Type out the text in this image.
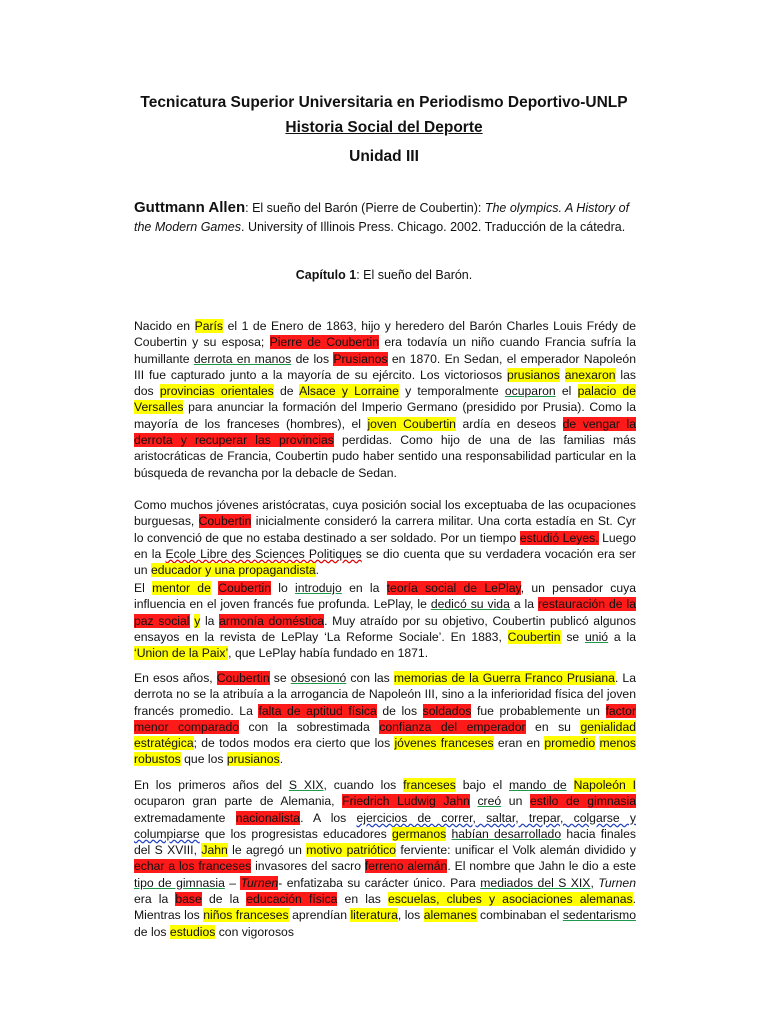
Tecnicatura Superior Universitaria en Periodismo Deportivo-UNLP
Historia Social del Deporte
Unidad III
Guttmann Allen: El sueño del Barón (Pierre de Coubertin): The olympics. A History of the Modern Games. University of Illinois Press. Chicago. 2002. Traducción de la cátedra.
Capítulo 1: El sueño del Barón.
Nacido en París el 1 de Enero de 1863, hijo y heredero del Barón Charles Louis Frédy de Coubertin y su esposa; Pierre de Coubertin era todavía un niño cuando Francia sufría la humillante derrota en manos de los Prusianos en 1870. En Sedan, el emperador Napoleón III fue capturado junto a la mayoría de su ejército. Los victoriosos prusianos anexaron las dos provincias orientales de Alsace y Lorraine y temporalmente ocuparon el palacio de Versalles para anunciar la formación del Imperio Germano (presidido por Prusia). Como la mayoría de los franceses (hombres), el joven Coubertin ardía en deseos de vengar la derrota y recuperar las provincias perdidas. Como hijo de una de las familias más aristocráticas de Francia, Coubertin pudo haber sentido una responsabilidad particular en la búsqueda de revancha por la debacle de Sedan.
Como muchos jóvenes aristócratas, cuya posición social los exceptuaba de las ocupaciones burguesas, Coubertin inicialmente consideró la carrera militar. Una corta estadía en St. Cyr lo convenció de que no estaba destinado a ser soldado. Por un tiempo estudió Leyes. Luego en la Ecole Libre des Sciences Politiques se dio cuenta que su verdadera vocación era ser un educador y una propagandista.
El mentor de Coubertin lo introdujo en la teoría social de LePlay, un pensador cuya influencia en el joven francés fue profunda. LePlay, le dedicó su vida a la restauración de la paz social y la armonía doméstica. Muy atraído por su objetivo, Coubertin publicó algunos ensayos en la revista de LePlay ‘La Reforme Sociale’. En 1883, Coubertin se unió a la ‘Union de la Paix’, que LePlay había fundado en 1871.
En esos años, Coubertin se obsesionó con las memorias de la Guerra Franco Prusiana. La derrota no se la atribuía a la arrogancia de Napoleón III, sino a la inferioridad física del joven francés promedio. La falta de aptitud física de los soldados fue probablemente un factor menor comparado con la sobrestimada confianza del emperador en su genialidad estratégica; de todos modos era cierto que los jóvenes franceses eran en promedio menos robustos que los prusianos.
En los primeros años del S XIX, cuando los franceses bajo el mando de Napoleón I ocuparon gran parte de Alemania, Friedrich Ludwig Jahn creó un estilo de gimnasia extremadamente nacionalista. A los ejercicios de correr, saltar, trepar, colgarse y columpiarse que los progresistas educadores germanos habían desarrollado hacia finales del S XVIII, Jahn le agregó un motivo patriótico ferviente: unificar el Volk alemán dividido y echar a los franceses invasores del sacro ferreno alemán. El nombre que Jahn le dio a este tipo de gimnasia – Turnen- enfatizaba su carácter único. Para mediados del S XIX, Turnen era la base de la educación física en las escuelas, clubes y asociaciones alemanas. Mientras los niños franceses aprendían literatura, los alemanes combinaban el sedentarismo de los estudios con vigorosos
